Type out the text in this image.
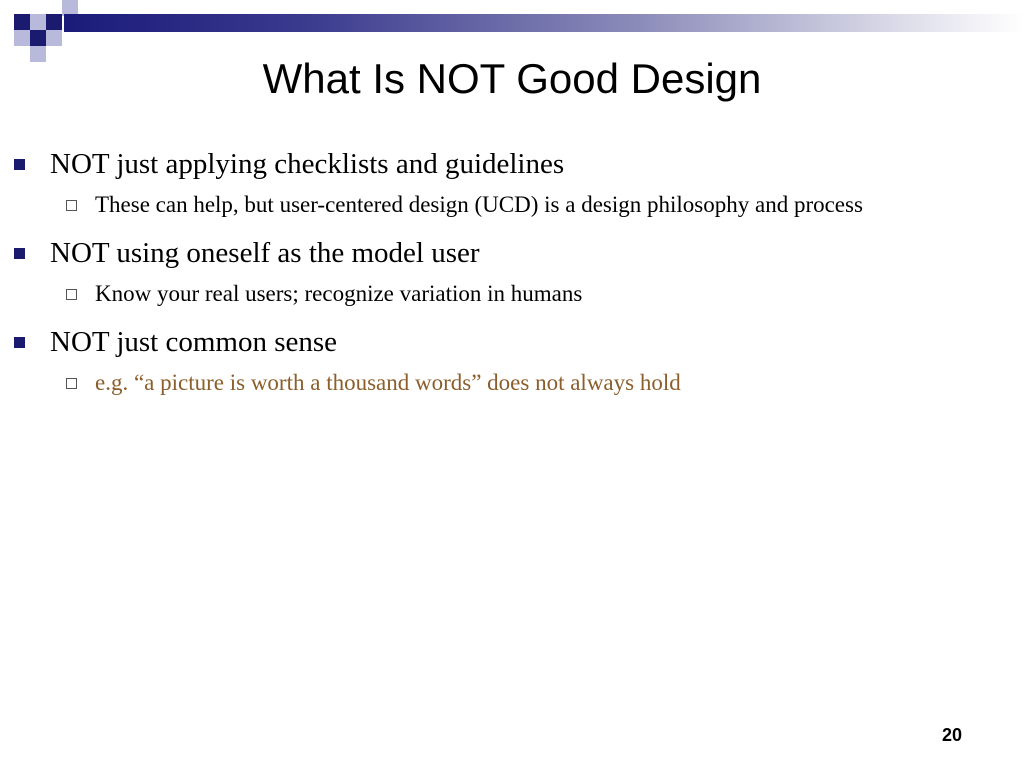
What Is NOT Good Design
NOT just applying checklists and guidelines
These can help, but user-centered design (UCD) is a design philosophy and process
NOT using oneself as the model user
Know your real users; recognize variation in humans
NOT just common sense
e.g. “a picture is worth a thousand words” does not always hold
20
